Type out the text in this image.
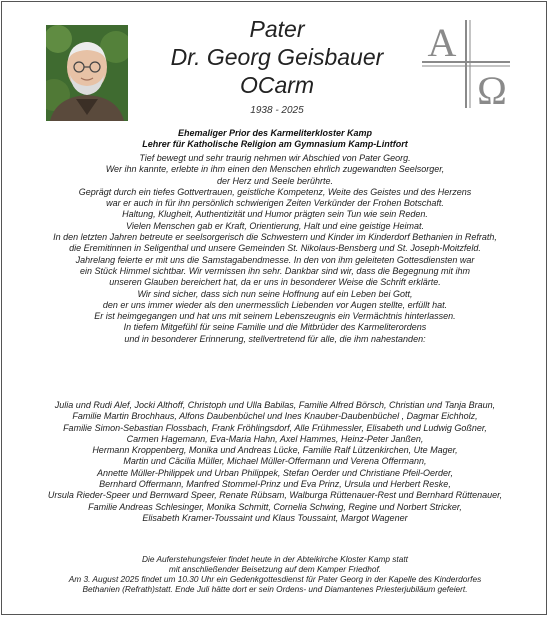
Pater
Dr. Georg Geisbauer
OCarm
1938 - 2025
A
Ω
Ehemaliger Prior des Karmeliterkloster Kamp
Lehrer für Katholische Religion am Gymnasium Kamp-Lintfort
Tief bewegt und sehr traurig nehmen wir Abschied von Pater Georg.
Wer ihn kannte, erlebte in ihm einen den Menschen ehrlich zugewandten Seelsorger,
der Herz und Seele berührte.
Geprägt durch ein tiefes Gottvertrauen, geistliche Kompetenz, Weite des Geistes und des Herzens
war er auch in für ihn persönlich schwierigen Zeiten Verkünder der Frohen Botschaft.
Haltung, Klugheit, Authentizität und Humor prägten sein Tun wie sein Reden.
Vielen Menschen gab er Kraft, Orientierung, Halt und eine geistige Heimat.
In den letzten Jahren betreute er seelsorgerisch die Schwestern und Kinder im Kinderdorf Bethanien in Refrath,
die Eremitinnen in Seligenthal und unsere Gemeinden St. Nikolaus-Bensberg und St. Joseph-Moitzfeld.
Jahrelang feierte er mit uns die Samstagabendmesse. In den von ihm geleiteten Gottesdiensten war
ein Stück Himmel sichtbar. Wir vermissen ihn sehr. Dankbar sind wir, dass die Begegnung mit ihm
unseren Glauben bereichert hat, da er uns in besonderer Weise die Schrift erklärte.
Wir sind sicher, dass sich nun seine Hoffnung auf ein Leben bei Gott,
den er uns immer wieder als den unermesslich Liebenden vor Augen stellte, erfüllt hat.
Er ist heimgegangen und hat uns mit seinem Lebenszeugnis ein Vermächtnis hinterlassen.
In tiefem Mitgefühl für seine Familie und die Mitbrüder des Karmeliterordens
und in besonderer Erinnerung, stellvertretend für alle, die ihm nahestanden:
Julia und Rudi Alef, Jocki Althoff, Christoph und Ulla Babilas, Familie Alfred Börsch, Christian und Tanja Braun,
Familie Martin Brochhaus, Alfons Daubenbüchel und Ines Knauber-Daubenbüchel , Dagmar Eichholz,
Familie Simon-Sebastian Flossbach, Frank Fröhlingsdorf, Alle Frühmessler, Elisabeth und Ludwig Goßner,
Carmen Hagemann, Eva-Maria Hahn, Axel Hammes, Heinz-Peter Janßen,
Hermann Kroppenberg, Monika und Andreas Lücke, Familie Ralf Lützenkirchen, Ute Mager,
Martin und Cäcilia Müller, Michael Müller-Offermann und Verena Offermann,
Annette Müller-Philippek und Urban Philippek, Stefan Oerder und Christiane Pfeil-Oerder,
Bernhard Offermann, Manfred Stommel-Prinz und Eva Prinz, Ursula und Herbert Reske,
Ursula Rieder-Speer und Bernward Speer, Renate Rübsam, Walburga Rüttenauer-Rest und Bernhard Rüttenauer,
Familie Andreas Schlesinger, Monika Schmitt, Cornelia Schwing, Regine und Norbert Stricker,
Elisabeth Kramer-Toussaint und Klaus Toussaint, Margot Wagener
Die Auferstehungsfeier findet heute in der Abteikirche Kloster Kamp statt
mit anschließender Beisetzung auf dem Kamper Friedhof.
Am 3. August 2025 findet um 10.30 Uhr ein Gedenkgottesdienst für Pater Georg in der Kapelle des Kinderdorfes
Bethanien (Refrath)statt. Ende Juli hätte dort er sein Ordens- und Diamantenes Priesterjubiläum gefeiert.
